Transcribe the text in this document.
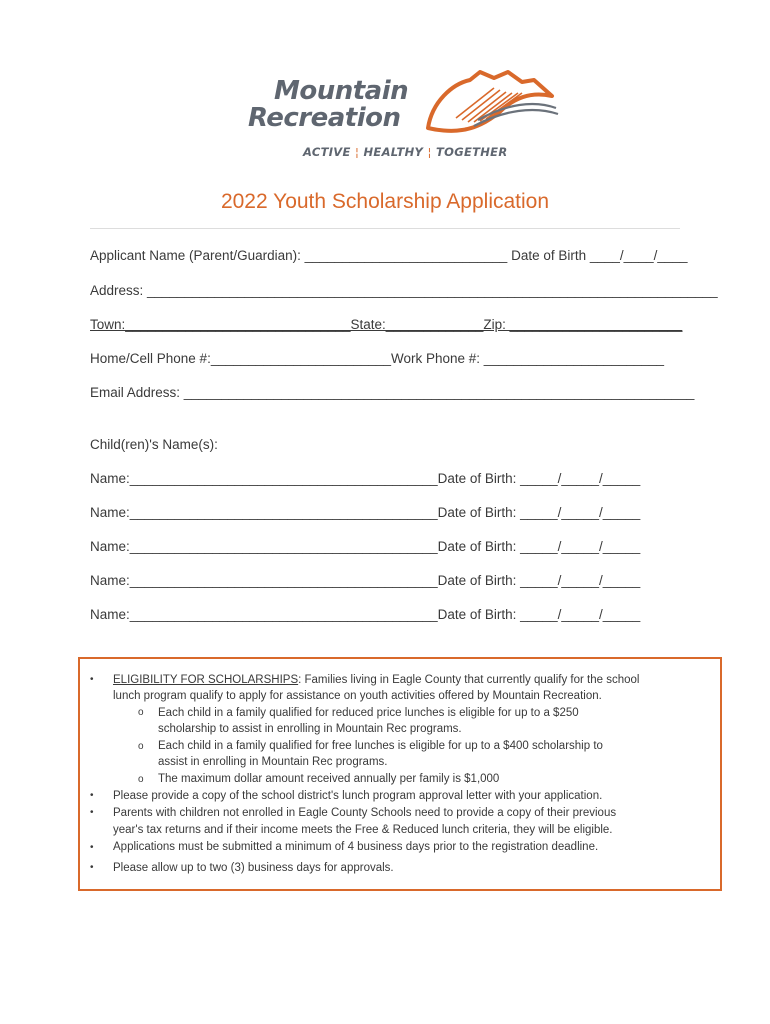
Mountain
Recreation
ACTIVE ¦ HEALTHY ¦ TOGETHER
2022 Youth Scholarship Application
Applicant Name (Parent/Guardian): ___________________________ Date of Birth ____/____/____
Address: ____________________________________________________________________________
Town:______________________________State:_____________Zip: _______________________
Home/Cell Phone #:________________________Work Phone #: ________________________
Email Address: ____________________________________________________________________
Child(ren)'s Name(s):
Name:_________________________________________Date of Birth: _____/_____/_____
Name:_________________________________________Date of Birth: _____/_____/_____
Name:_________________________________________Date of Birth: _____/_____/_____
Name:_________________________________________Date of Birth: _____/_____/_____
Name:_________________________________________Date of Birth: _____/_____/_____
• ELIGIBILITY FOR SCHOLARSHIPS: Families living in Eagle County that currently qualify for the school
lunch program qualify to apply for assistance on youth activities offered by Mountain Recreation.
o Each child in a family qualified for reduced price lunches is eligible for up to a $250
scholarship to assist in enrolling in Mountain Rec programs.
o Each child in a family qualified for free lunches is eligible for up to a $400 scholarship to
assist in enrolling in Mountain Rec programs.
o The maximum dollar amount received annually per family is $1,000
• Please provide a copy of the school district's lunch program approval letter with your application.
• Parents with children not enrolled in Eagle County Schools need to provide a copy of their previous
year's tax returns and if their income meets the Free & Reduced lunch criteria, they will be eligible.
• Applications must be submitted a minimum of 4 business days prior to the registration deadline.
• Please allow up to two (3) business days for approvals.
